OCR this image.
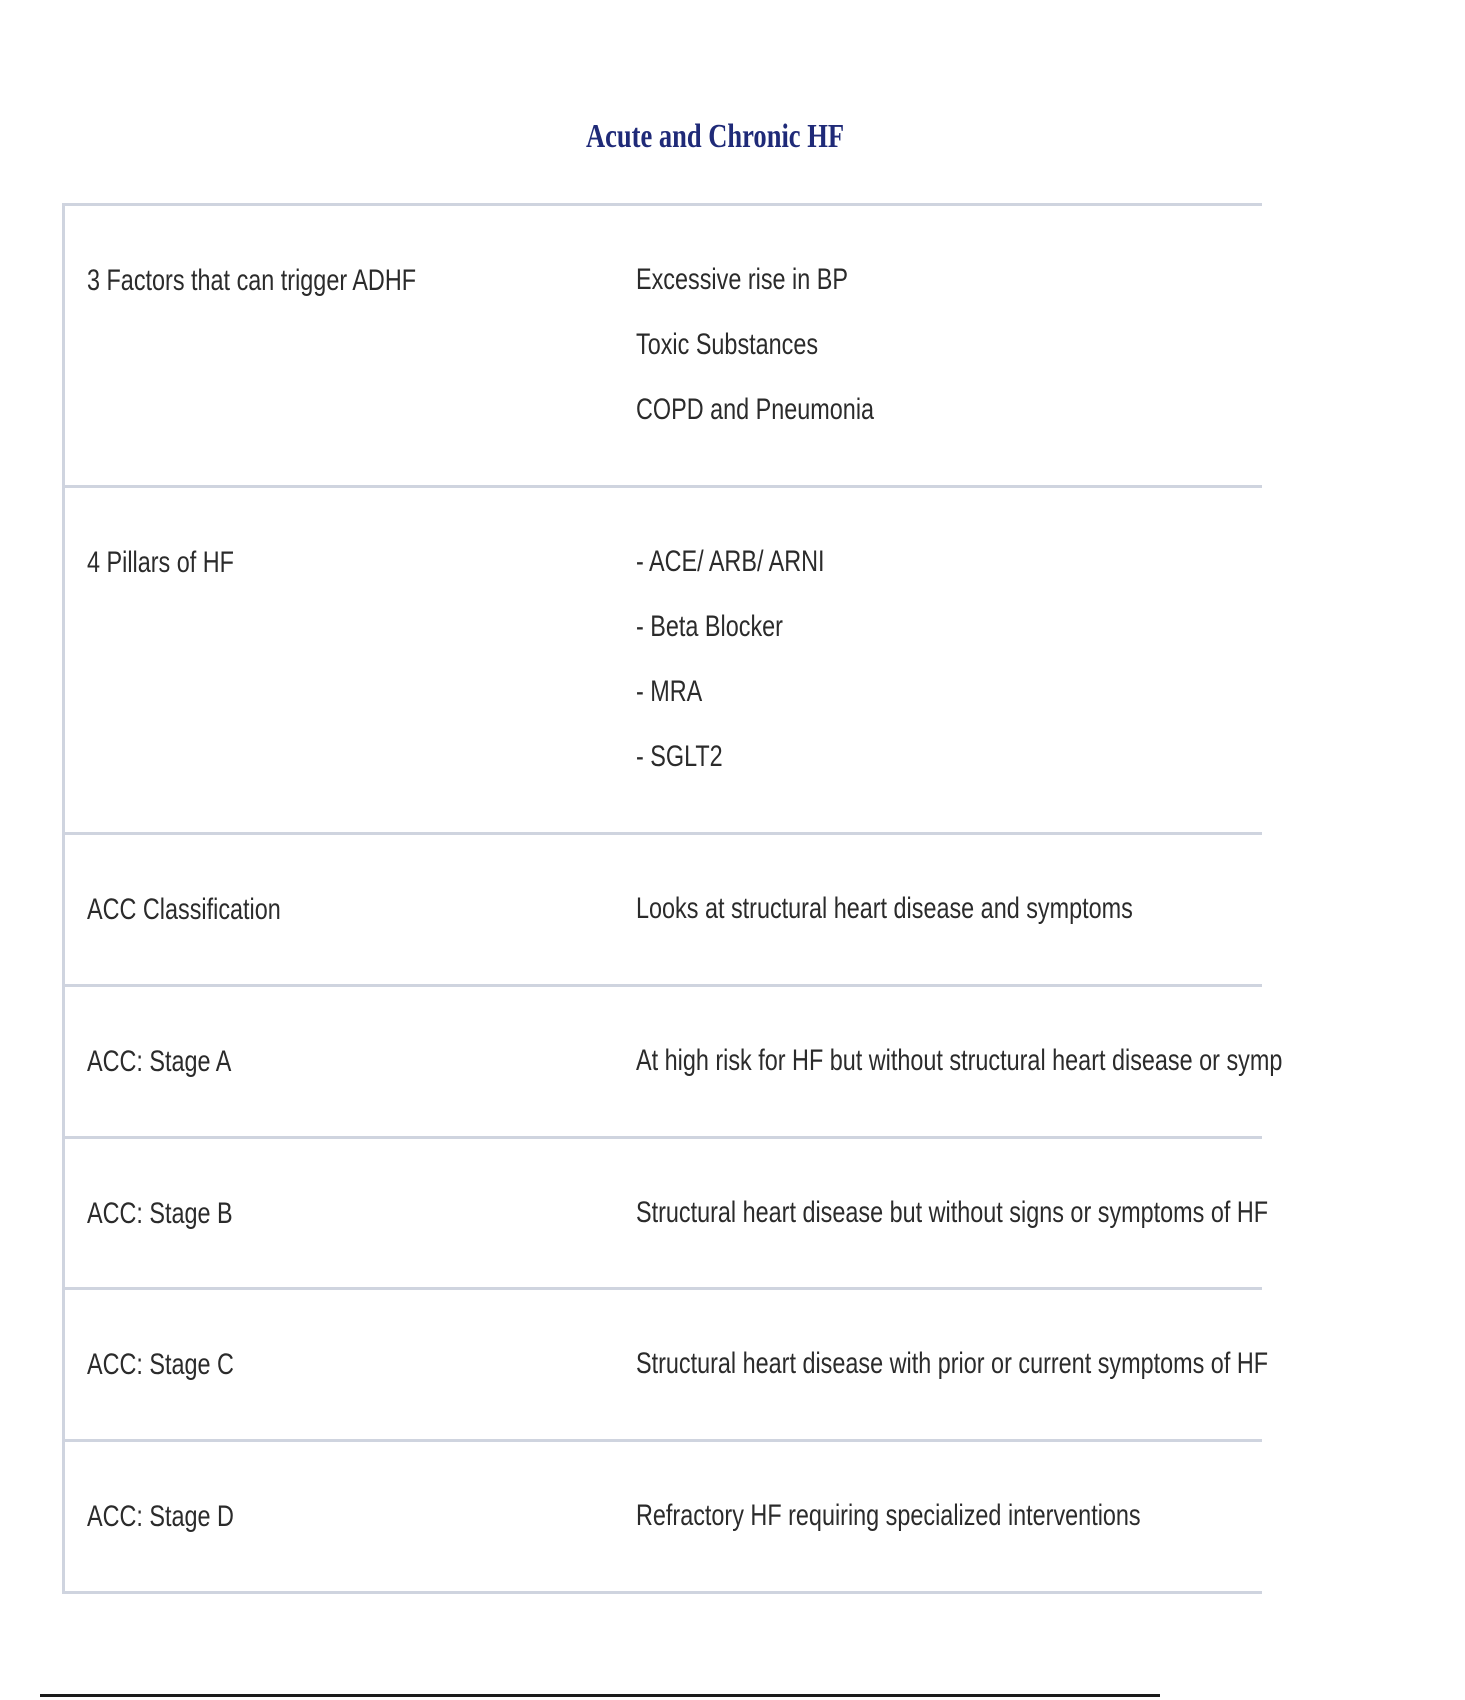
Acute and Chronic HF
3 Factors that can trigger ADHF	Excessive rise in BP
Toxic Substances
COPD and Pneumonia
4 Pillars of HF	- ACE/ ARB/ ARNI
- Beta Blocker
- MRA
- SGLT2
ACC Classification	Looks at structural heart disease and symptoms
ACC: Stage A	At high risk for HF but without structural heart disease or symp
ACC: Stage B	Structural heart disease but without signs or symptoms of HF
ACC: Stage C	Structural heart disease with prior or current symptoms of HF
ACC: Stage D	Refractory HF requiring specialized interventions
